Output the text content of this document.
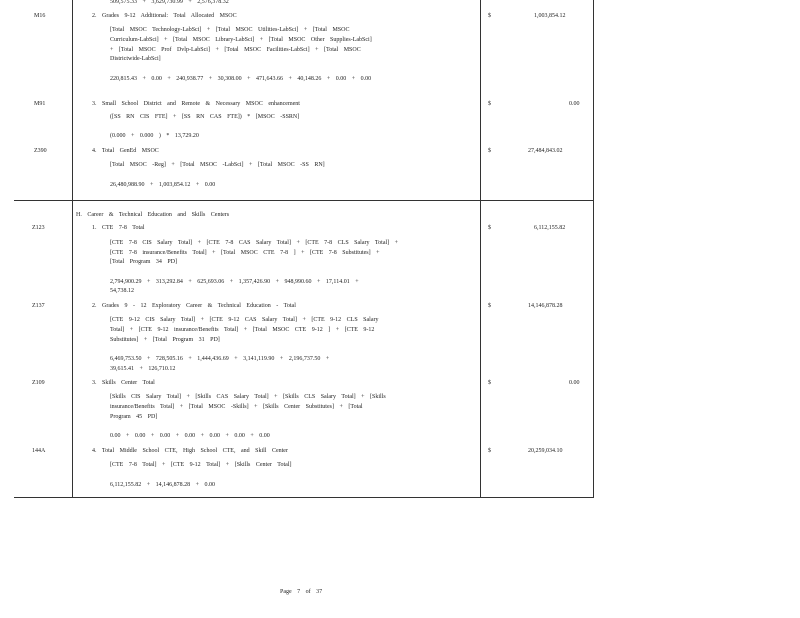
509,575.33 + 3,629,730.99 + 2,576,378.32
M16	2. Grades 9-12 Additional: Total Allocated MSOC
[Total MSOC Technology-LabSci] + [Total MSOC Utilities-LabSci] + [Total MSOC
Curriculum-LabSci] + [Total MSOC Library-LabSci] + [Total MSOC Other Supplies-LabSci]
+ [Total MSOC Prof Dvlp-LabSci] + [Total MSOC Facilities-LabSci] + [Total MSOC
Districtwide-LabSci]
220,815.43 + 0.00 + 240,938.77 + 30,308.00 + 471,643.66 + 40,148.26 + 0.00 + 0.00
$	1,003,854.12
M91	3. Small School District and Remote & Necessary MSOC enhancement
([SS RN CIS FTE] + [SS RN CAS FTE]) * [MSOC -SSRN]
(0.000 + 0.000 ) * 13,729.20
$	0.00
Z390	4. Total GenEd MSOC
[Total MSOC -Reg] + [Total MSOC -LabSci] + [Total MSOC -SS RN]
26,480,988.90 + 1,003,854.12 + 0.00
$	27,484,843.02
H. Career & Technical Education and Skills Centers
Z123	1. CTE 7-8 Total
[CTE 7-8 CIS Salary Total] + [CTE 7-8 CAS Salary Total] + [CTE 7-8 CLS Salary Total] +
[CTE 7-8 insurance/Benefits Total] + [Total MSOC CTE 7-8 ] + [CTE 7-8 Substitutes] +
[Total Program 34 PD]
2,794,900.29 + 313,292.84 + 625,693.06 + 1,357,426.90 + 948,990.60 + 17,114.01 +
54,738.12
$	6,112,155.82
Z137	2. Grades 9 - 12 Exploratory Career & Technical Education - Total
[CTE 9-12 CIS Salary Total] + [CTE 9-12 CAS Salary Total] + [CTE 9-12 CLS Salary
Total] + [CTE 9-12 insurance/Benefits Total] + [Total MSOC CTE 9-12 ] + [CTE 9-12
Substitutes] + [Total Program 31 PD]
6,469,753.50 + 728,505.16 + 1,444,436.69 + 3,141,119.90 + 2,196,737.50 +
39,615.41 + 126,710.12
$	14,146,878.28
Z109	3. Skills Center Total
[Skills CIS Salary Total] + [Skills CAS Salary Total] + [Skills CLS Salary Total] + [Skills
insurance/Benefits Total] + [Total MSOC -Skills] + [Skills Center Substitutes] + [Total
Program 45 PD]
0.00 + 0.00 + 0.00 + 0.00 + 0.00 + 0.00 + 0.00
$	0.00
144A	4. Total Middle School CTE, High School CTE, and Skill Center
[CTE 7-8 Total] + [CTE 9-12 Total] + [Skills Center Total]
6,112,155.82 + 14,146,878.28 + 0.00
$	20,259,034.10
Page 7 of 37
